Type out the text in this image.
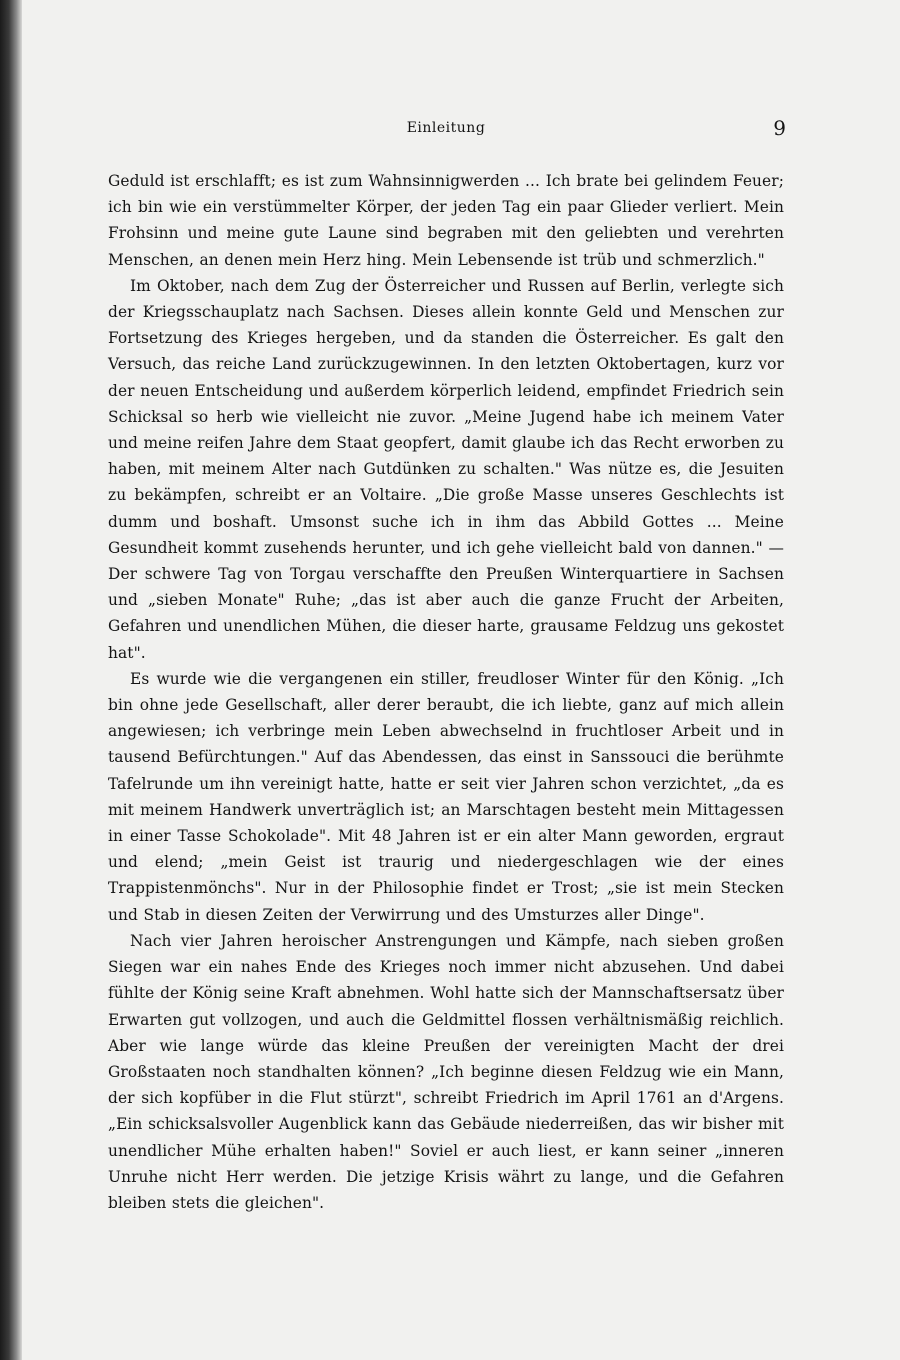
Einleitung	9

Geduld ist erschlafft; es ist zum Wahnsinnigwerden ... Ich brate bei gelindem Feuer; ich bin wie ein verstümmelter Körper, der jeden Tag ein paar Glieder verliert. Mein Frohsinn und meine gute Laune sind begraben mit den geliebten und verehrten Menschen, an denen mein Herz hing. Mein Lebensende ist trüb und schmerzlich."

Im Oktober, nach dem Zug der Österreicher und Russen auf Berlin, verlegte sich der Kriegsschauplatz nach Sachsen. Dieses allein konnte Geld und Menschen zur Fortsetzung des Krieges hergeben, und da standen die Österreicher. Es galt den Versuch, das reiche Land zurückzugewinnen. In den letzten Oktobertagen, kurz vor der neuen Entscheidung und außerdem körperlich leidend, empfindet Friedrich sein Schicksal so herb wie vielleicht nie zuvor. „Meine Jugend habe ich meinem Vater und meine reifen Jahre dem Staat geopfert, damit glaube ich das Recht erworben zu haben, mit meinem Alter nach Gutdünken zu schalten." Was nütze es, die Jesuiten zu bekämpfen, schreibt er an Voltaire. „Die große Masse unseres Geschlechts ist dumm und boshaft. Umsonst suche ich in ihm das Abbild Gottes ... Meine Gesundheit kommt zusehends herunter, und ich gehe vielleicht bald von dannen." — Der schwere Tag von Torgau verschaffte den Preußen Winterquartiere in Sachsen und „sieben Monate" Ruhe; „das ist aber auch die ganze Frucht der Arbeiten, Gefahren und unendlichen Mühen, die dieser harte, grausame Feldzug uns gekostet hat".

Es wurde wie die vergangenen ein stiller, freudloser Winter für den König. „Ich bin ohne jede Gesellschaft, aller derer beraubt, die ich liebte, ganz auf mich allein angewiesen; ich verbringe mein Leben abwechselnd in fruchtloser Arbeit und in tausend Befürchtungen." Auf das Abendessen, das einst in Sanssouci die berühmte Tafelrunde um ihn vereinigt hatte, hatte er seit vier Jahren schon verzichtet, „da es mit meinem Handwerk unverträglich ist; an Marschtagen besteht mein Mittagessen in einer Tasse Schokolade". Mit 48 Jahren ist er ein alter Mann geworden, ergraut und elend; „mein Geist ist traurig und niedergeschlagen wie der eines Trappistenmönchs". Nur in der Philosophie findet er Trost; „sie ist mein Stecken und Stab in diesen Zeiten der Verwirrung und des Umsturzes aller Dinge".

Nach vier Jahren heroischer Anstrengungen und Kämpfe, nach sieben großen Siegen war ein nahes Ende des Krieges noch immer nicht abzusehen. Und dabei fühlte der König seine Kraft abnehmen. Wohl hatte sich der Mannschaftsersatz über Erwarten gut vollzogen, und auch die Geldmittel flossen verhältnismäßig reichlich. Aber wie lange würde das kleine Preußen der vereinigten Macht der drei Großstaaten noch standhalten können? „Ich beginne diesen Feldzug wie ein Mann, der sich kopfüber in die Flut stürzt", schreibt Friedrich im April 1761 an d'Argens. „Ein schicksalsvoller Augenblick kann das Gebäude niederreißen, das wir bisher mit unendlicher Mühe erhalten haben!" Soviel er auch liest, er kann seiner „inneren Unruhe nicht Herr werden. Die jetzige Krisis währt zu lange, und die Gefahren bleiben stets die gleichen".
